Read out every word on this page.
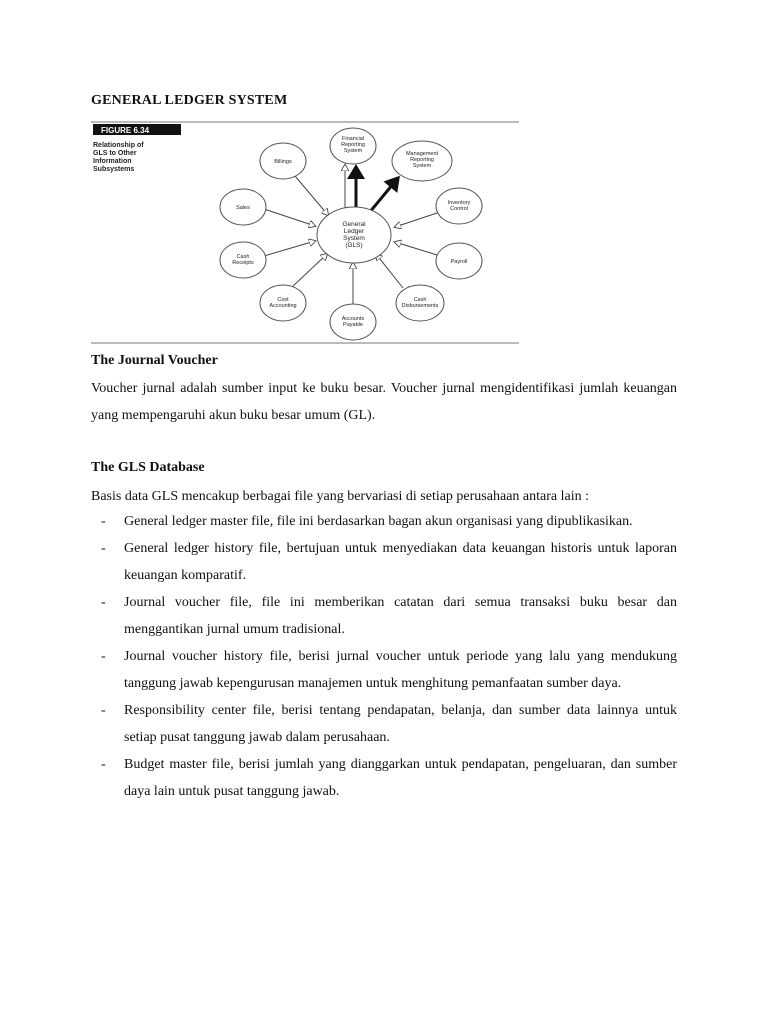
GENERAL LEDGER SYSTEM
FIGURE 6.34
Relationship of
GLS to Other
Information
Subsystems
General
Ledger
System
(GLS)
Financial
Reporting
System	Management
Reporting
System
Inventory
Control
Payroll
Cash
Disbursements
Accounts
Payable
Cost
Accounting
Cash
Receipts
Sales
Billings
The Journal Voucher
Voucher jurnal adalah sumber input ke buku besar. Voucher jurnal mengidentifikasi jumlah keuangan yang mempengaruhi akun buku besar umum (GL).
The GLS Database
Basis data GLS mencakup berbagai file yang bervariasi di setiap perusahaan antara lain :
- General ledger master file, file ini berdasarkan bagan akun organisasi yang dipublikasikan.
- General ledger history file, bertujuan untuk menyediakan data keuangan historis untuk laporan keuangan komparatif.
- Journal voucher file, file ini memberikan catatan dari semua transaksi buku besar dan menggantikan jurnal umum tradisional.
- Journal voucher history file, berisi jurnal voucher untuk periode yang lalu yang mendukung tanggung jawab kepengurusan manajemen untuk menghitung pemanfaatan sumber daya.
- Responsibility center file, berisi tentang pendapatan, belanja, dan sumber data lainnya untuk setiap pusat tanggung jawab dalam perusahaan.
- Budget master file, berisi jumlah yang dianggarkan untuk pendapatan, pengeluaran, dan sumber daya lain untuk pusat tanggung jawab.
